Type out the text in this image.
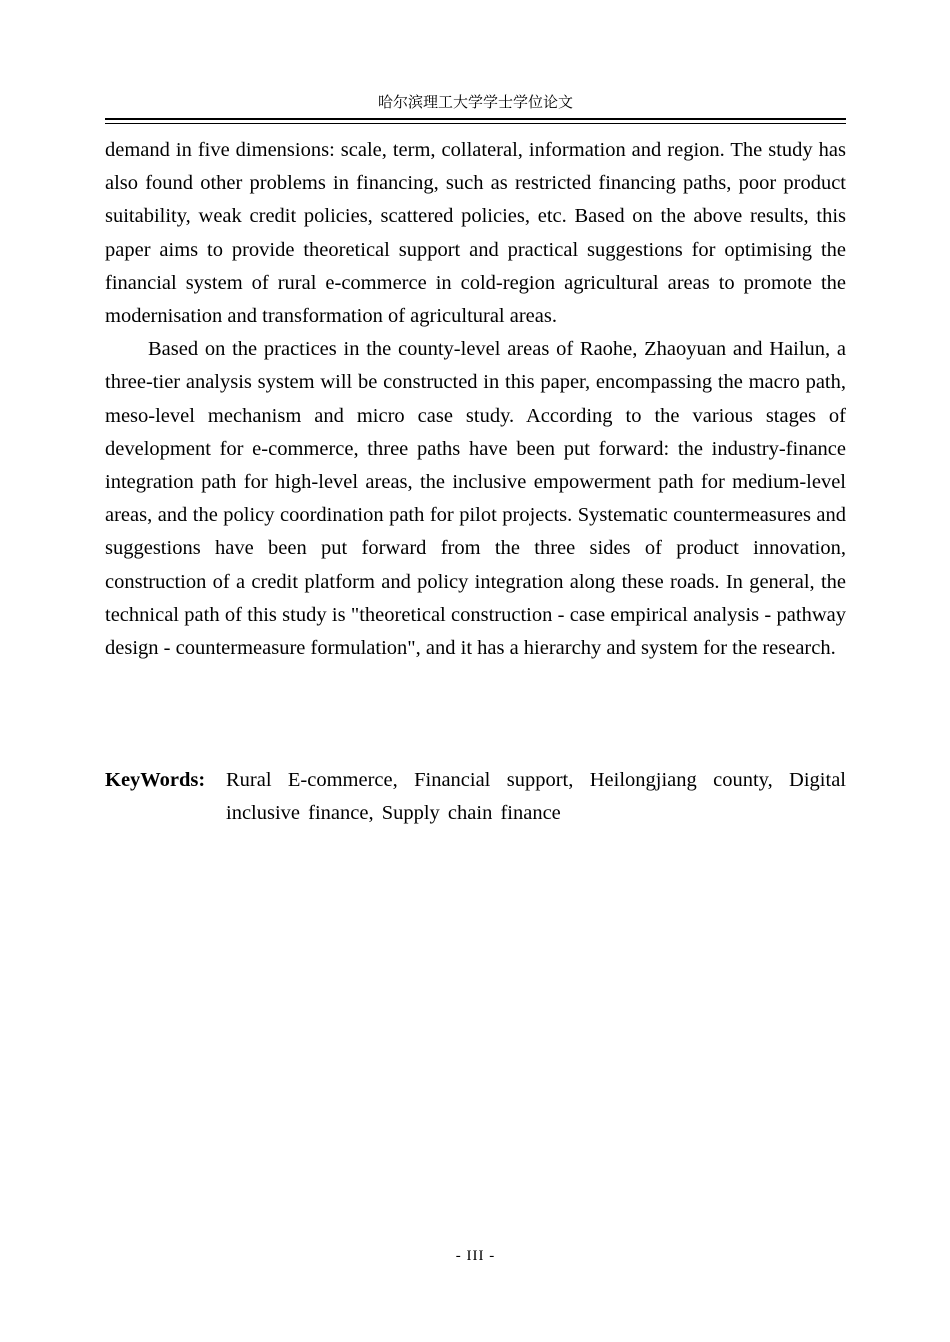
哈尔滨理工大学学士学位论文

demand in five dimensions: scale, term, collateral, information and region. The study has also found other problems in financing, such as restricted financing paths, poor product suitability, weak credit policies, scattered policies, etc. Based on the above results, this paper aims to provide theoretical support and practical suggestions for optimising the financial system of rural e-commerce in cold-region agricultural areas to promote the modernisation and transformation of agricultural areas.

Based on the practices in the county-level areas of Raohe, Zhaoyuan and Hailun, a three-tier analysis system will be constructed in this paper, encompassing the macro path, meso-level mechanism and micro case study. According to the various stages of development for e-commerce, three paths have been put forward: the industry-finance integration path for high-level areas, the inclusive empowerment path for medium-level areas, and the policy coordination path for pilot projects. Systematic countermeasures and suggestions have been put forward from the three sides of product innovation, construction of a credit platform and policy integration along these roads. In general, the technical path of this study is "theoretical construction - case empirical analysis - pathway design - countermeasure formulation", and it has a hierarchy and system for the research.

KeyWords:	Rural E-commerce, Financial support, Heilongjiang county, Digital inclusive finance, Supply chain finance
- III -
